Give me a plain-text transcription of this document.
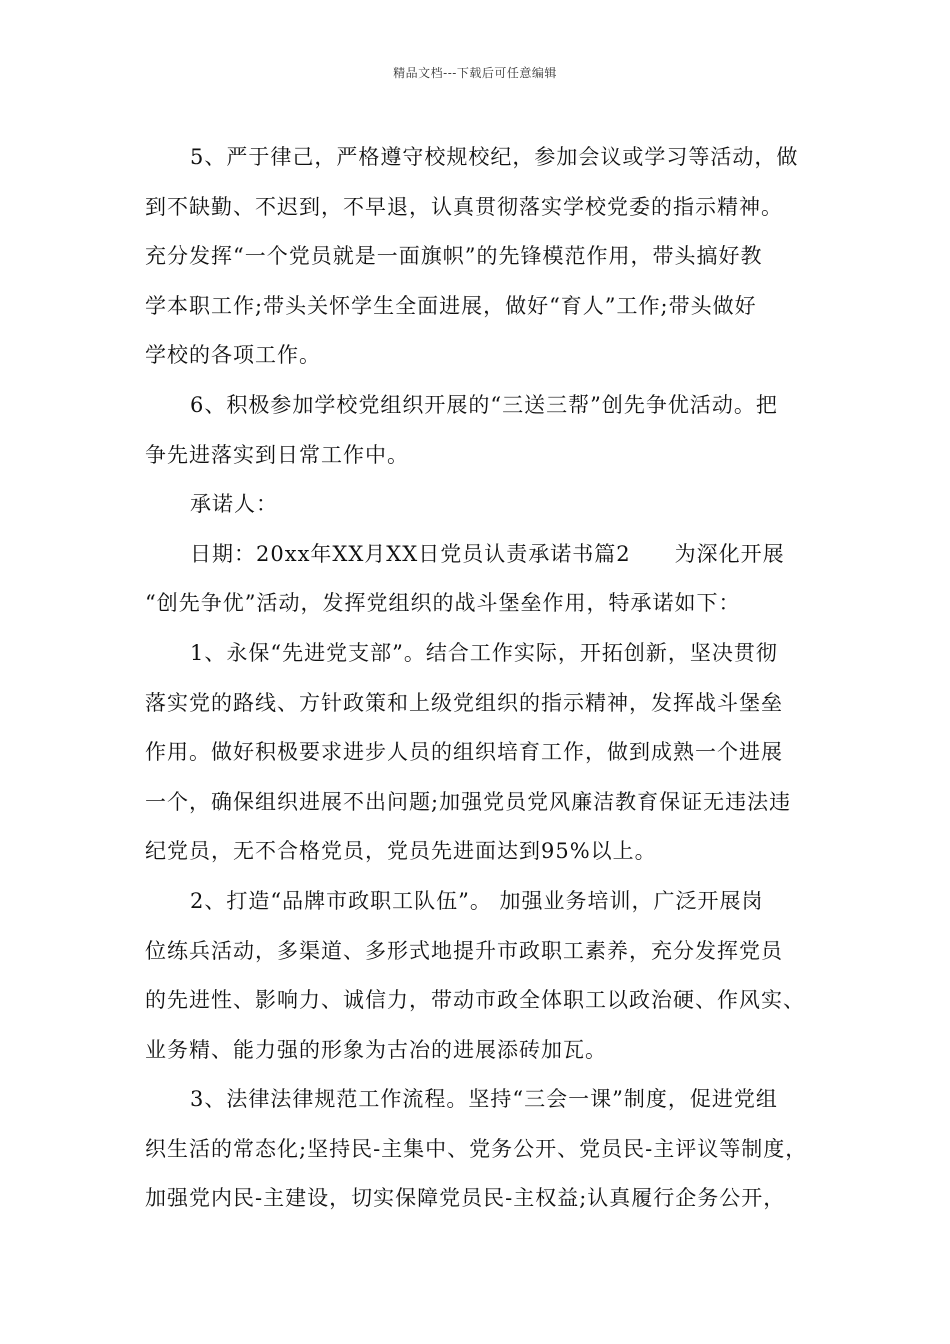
精品文档---下载后可任意编辑
5、严于律己，严格遵守校规校纪，参加会议或学习等活动，做
到不缺勤、不迟到，不早退，认真贯彻落实学校党委的指示精神。
充分发挥“一个党员就是一面旗帜”的先锋模范作用，带头搞好教
学本职工作;带头关怀学生全面进展，做好“育人”工作;带头做好
学校的各项工作。
6、积极参加学校党组织开展的“三送三帮”创先争优活动。把
争先进落实到日常工作中。
承诺人：
日期：20xx年XX月XX日党员认责承诺书篇2　　为深化开展
“创先争优”活动，发挥党组织的战斗堡垒作用，特承诺如下：
1、永保“先进党支部”。结合工作实际，开拓创新，坚决贯彻
落实党的路线、方针政策和上级党组织的指示精神，发挥战斗堡垒
作用。做好积极要求进步人员的组织培育工作，做到成熟一个进展
一个，确保组织进展不出问题;加强党员党风廉洁教育保证无违法违
纪党员，无不合格党员，党员先进面达到95%以上。
2、打造“品牌市政职工队伍”。 加强业务培训，广泛开展岗
位练兵活动，多渠道、多形式地提升市政职工素养，充分发挥党员
的先进性、影响力、诚信力，带动市政全体职工以政治硬、作风实、
业务精、能力强的形象为古冶的进展添砖加瓦。
3、法律法律规范工作流程。坚持“三会一课”制度，促进党组
织生活的常态化;坚持民-主集中、党务公开、党员民-主评议等制度，
加强党内民-主建设，切实保障党员民-主权益;认真履行企务公开，
